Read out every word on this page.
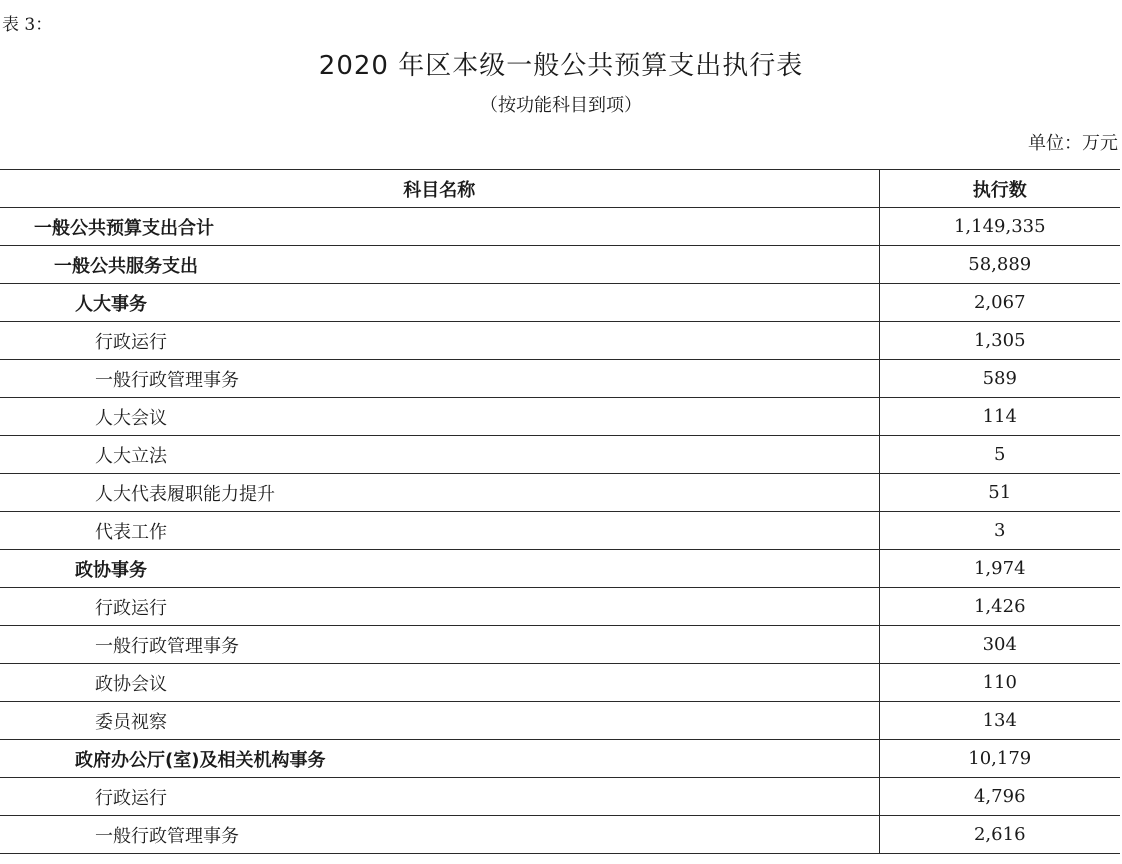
表 3：
2020 年区本级一般公共预算支出执行表
（按功能科目到项）
单位：万元
科目名称	执行数
一般公共预算支出合计	1,149,335
一般公共服务支出	58,889
人大事务	2,067
行政运行	1,305
一般行政管理事务	589
人大会议	114
人大立法	5
人大代表履职能力提升	51
代表工作	3
政协事务	1,974
行政运行	1,426
一般行政管理事务	304
政协会议	110
委员视察	134
政府办公厅(室)及相关机构事务	10,179
行政运行	4,796
一般行政管理事务	2,616
